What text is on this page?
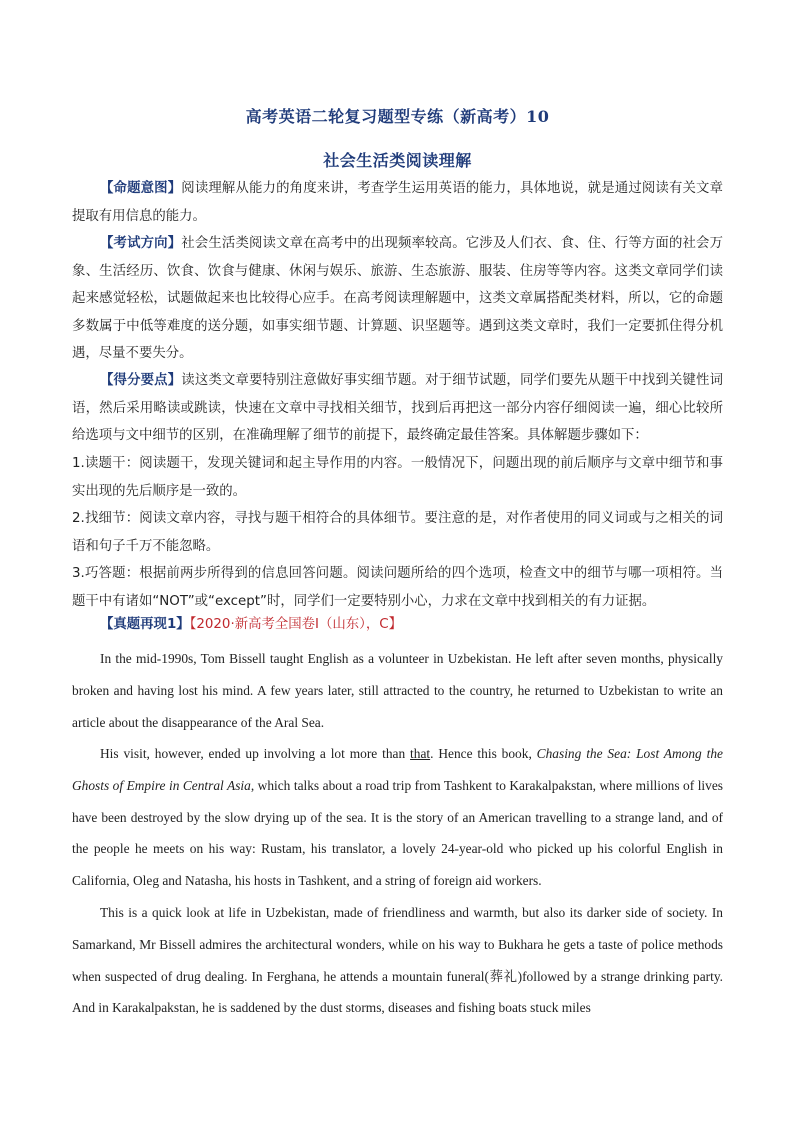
高考英语二轮复习题型专练（新高考）10
社会生活类阅读理解
【命题意图】阅读理解从能力的角度来讲，考查学生运用英语的能力，具体地说，就是通过阅读有关文章提取有用信息的能力。
【考试方向】社会生活类阅读文章在高考中的出现频率较高。它涉及人们衣、食、住、行等方面的社会万象、生活经历、饮食、饮食与健康、休闲与娱乐、旅游、生态旅游、服装、住房等等内容。这类文章同学们读起来感觉轻松，试题做起来也比较得心应手。在高考阅读理解题中，这类文章属搭配类材料，所以，它的命题多数属于中低等难度的送分题，如事实细节题、计算题、识坚题等。遇到这类文章时，我们一定要抓住得分机遇，尽量不要失分。
【得分要点】读这类文章要特别注意做好事实细节题。对于细节试题，同学们要先从题干中找到关键性词语，然后采用略读或跳读，快速在文章中寻找相关细节，找到后再把这一部分内容仔细阅读一遍，细心比较所给选项与文中细节的区别，在准确理解了细节的前提下，最终确定最佳答案。具体解题步骤如下：
1.读题干：阅读题干，发现关键词和起主导作用的内容。一般情况下，问题出现的前后顺序与文章中细节和事实出现的先后顺序是一致的。
2.找细节：阅读文章内容，寻找与题干相符合的具体细节。要注意的是，对作者使用的同义词或与之相关的词语和句子千万不能忽略。
3.巧答题：根据前两步所得到的信息回答问题。阅读问题所给的四个选项，检查文中的细节与哪一项相符。当题干中有诸如“NOT”或“except”时，同学们一定要特别小心，力求在文章中找到相关的有力证据。
【真题再现1】【2020·新高考全国卷Ⅰ（山东），C】
In the mid-1990s, Tom Bissell taught English as a volunteer in Uzbekistan. He left after seven months, physically broken and having lost his mind. A few years later, still attracted to the country, he returned to Uzbekistan to write an article about the disappearance of the Aral Sea.
His visit, however, ended up involving a lot more than that. Hence this book, Chasing the Sea: Lost Among the Ghosts of Empire in Central Asia, which talks about a road trip from Tashkent to Karakalpakstan, where millions of lives have been destroyed by the slow drying up of the sea. It is the story of an American travelling to a strange land, and of the people he meets on his way: Rustam, his translator, a lovely 24-year-old who picked up his colorful English in California, Oleg and Natasha, his hosts in Tashkent, and a string of foreign aid workers.
This is a quick look at life in Uzbekistan, made of friendliness and warmth, but also its darker side of society. In Samarkand, Mr Bissell admires the architectural wonders, while on his way to Bukhara he gets a taste of police methods when suspected of drug dealing. In Ferghana, he attends a mountain funeral(葬礼)followed by a strange drinking party. And in Karakalpakstan, he is saddened by the dust storms, diseases and fishing boats stuck miles
